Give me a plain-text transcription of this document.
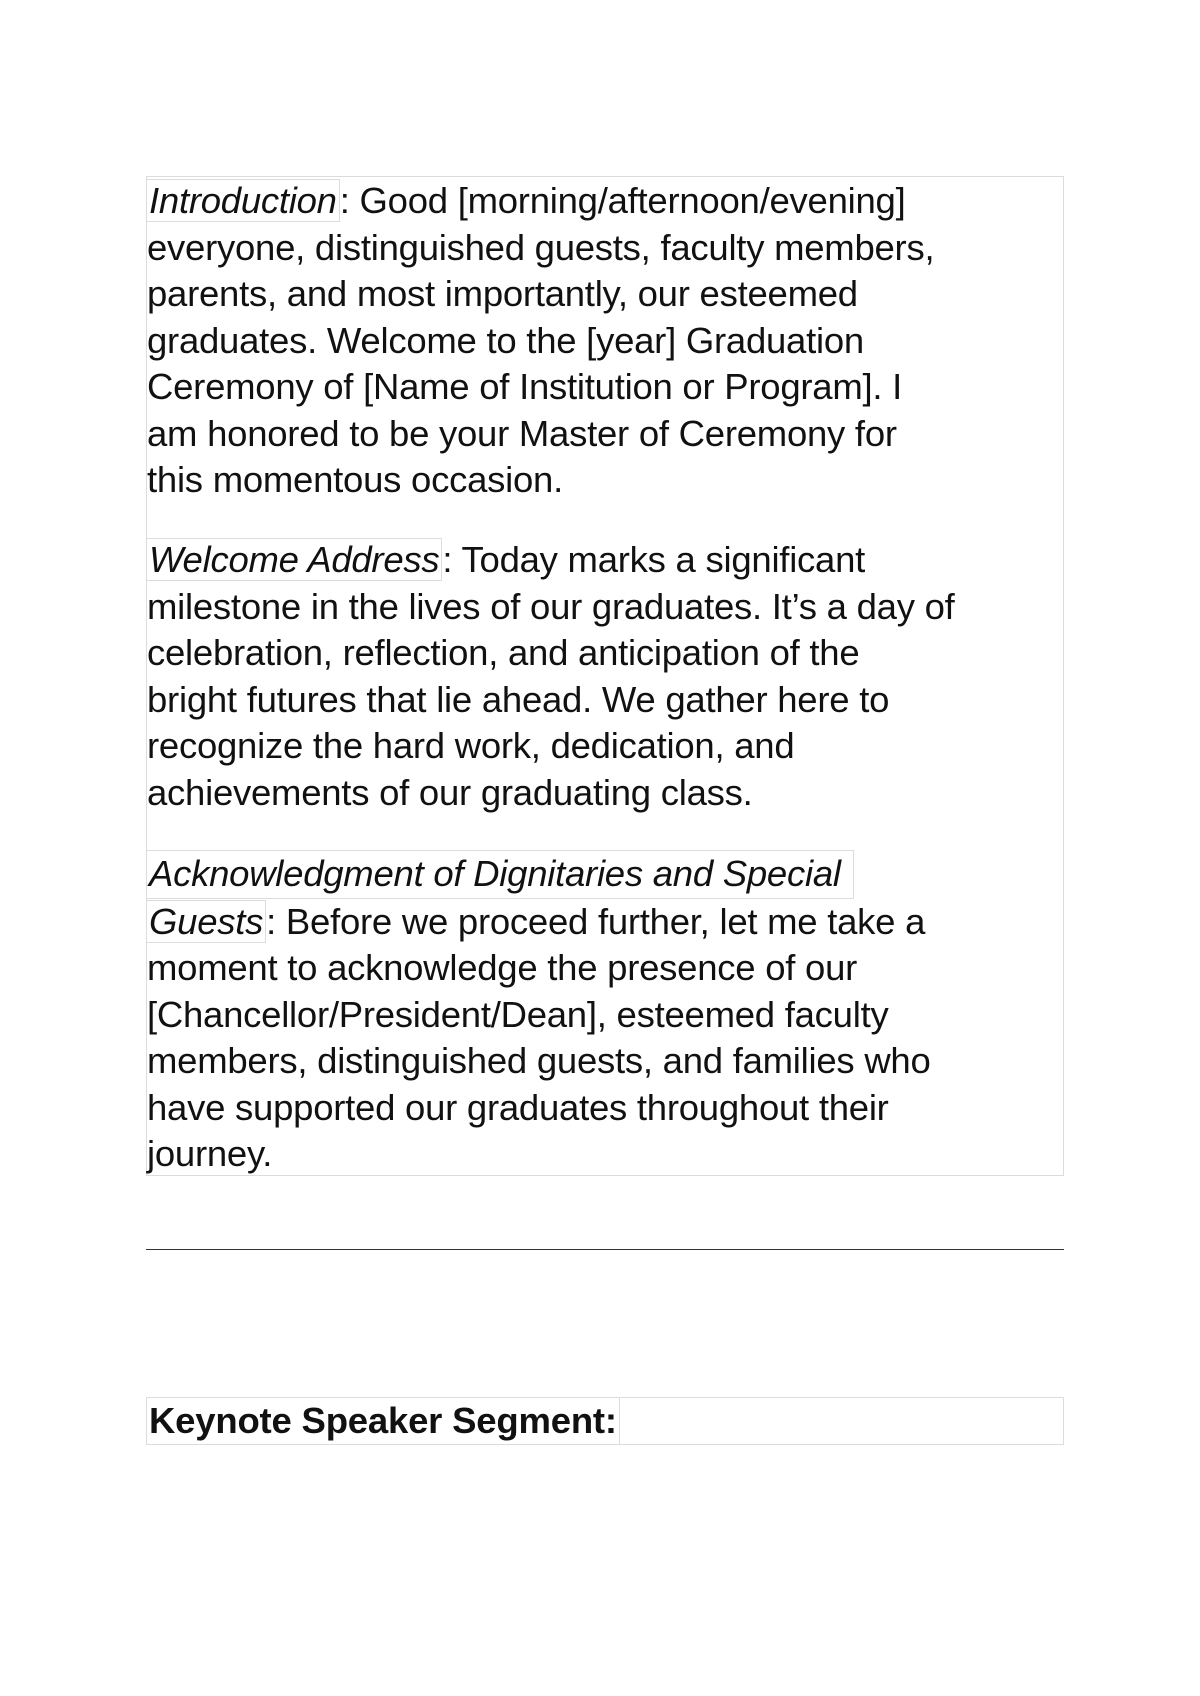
Introduction: Good [morning/afternoon/evening]
everyone, distinguished guests, faculty members,
parents, and most importantly, our esteemed
graduates. Welcome to the [year] Graduation
Ceremony of [Name of Institution or Program]. I
am honored to be your Master of Ceremony for
this momentous occasion.
Welcome Address: Today marks a significant
milestone in the lives of our graduates. It’s a day of
celebration, reflection, and anticipation of the
bright futures that lie ahead. We gather here to
recognize the hard work, dedication, and
achievements of our graduating class.
Acknowledgment of Dignitaries and Special
Guests: Before we proceed further, let me take a
moment to acknowledge the presence of our
[Chancellor/President/Dean], esteemed faculty
members, distinguished guests, and families who
have supported our graduates throughout their
journey.
Keynote Speaker Segment:
